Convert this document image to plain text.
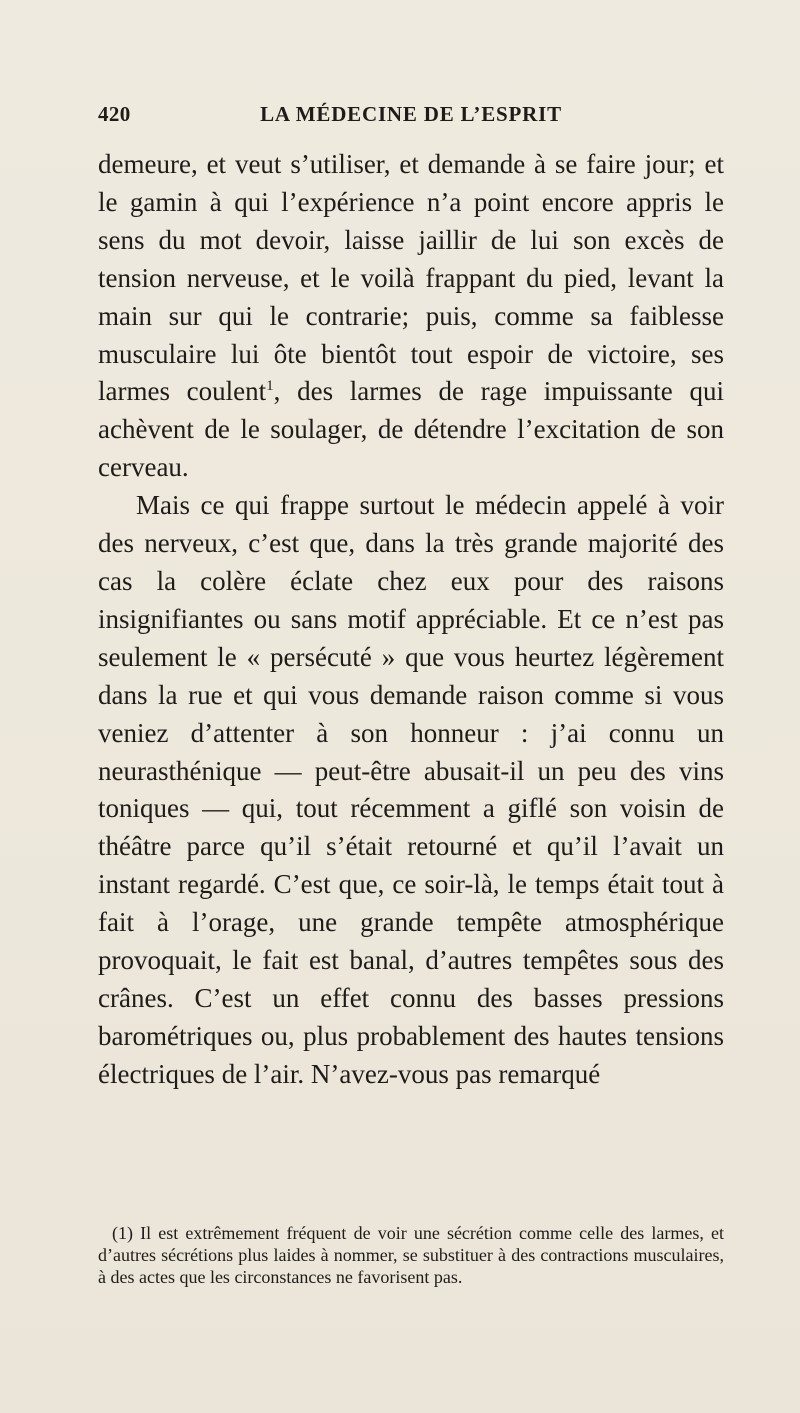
420	LA MÉDECINE DE L’ESPRIT

demeure, et veut s’utiliser, et demande à se faire jour; et le gamin à qui l’expérience n’a point encore appris le sens du mot devoir, laisse jaillir de lui son excès de tension nerveuse, et le voilà frappant du pied, levant la main sur qui le contrarie; puis, comme sa faiblesse musculaire lui ôte bientôt tout espoir de victoire, ses larmes coulent$^1$, des larmes de rage impuissante qui achèvent de le soulager, de détendre l’excitation de son cerveau.

Mais ce qui frappe surtout le médecin appelé à voir des nerveux, c’est que, dans la très grande majorité des cas la colère éclate chez eux pour des raisons insignifiantes ou sans motif appréciable. Et ce n’est pas seulement le « persécuté » que vous heurtez légèrement dans la rue et qui vous demande raison comme si vous veniez d’attenter à son honneur : j’ai connu un neurasthénique — peut-être abusait-il un peu des vins toniques — qui, tout récemment a giflé son voisin de théâtre parce qu’il s’était retourné et qu’il l’avait un instant regardé. C’est que, ce soir-là, le temps était tout à fait à l’orage, une grande tempête atmosphérique provoquait, le fait est banal, d’autres tempêtes sous des crânes. C’est un effet connu des basses pressions barométriques ou, plus probablement des hautes tensions électriques de l’air. N’avez-vous pas remarqué

(1) Il est extrêmement fréquent de voir une sécrétion comme celle des larmes, et d’autres sécrétions plus laides à nommer, se substituer à des contractions musculaires, à des actes que les circonstances ne favorisent pas.
